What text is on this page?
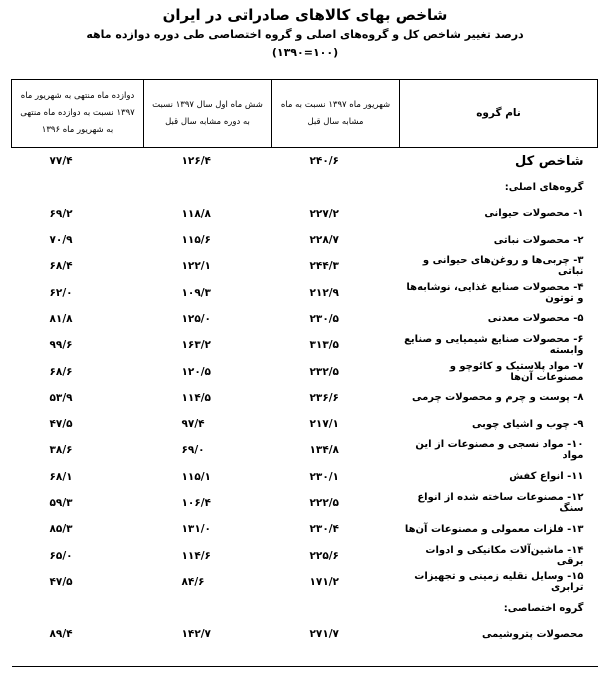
شاخص بهای کالاهای صادراتی در ایران
درصد تغییر شاخص کل و گروه‌های اصلی و گروه اختصاصی طی دوره دوازده ماهه
(۱۰۰=۱۳۹۰)
نام گروه	شهریور ماه ۱۳۹۷ نسبت به ماه مشابه سال قبل	شش ماه اول سال ۱۳۹۷ نسبت به دوره مشابه سال قبل	دوازده ماه منتهی به شهریور ماه ۱۳۹۷ نسبت به دوازده ماه منتهی به شهریور ماه ۱۳۹۶
شاخص کل	۲۴۰/۶	۱۲۶/۴	۷۷/۴
گروه‌های اصلی:			
۱- محصولات حیوانی	۲۲۷/۲	۱۱۸/۸	۶۹/۲
۲- محصولات نباتی	۲۲۸/۷	۱۱۵/۶	۷۰/۹
۳- چربی‌ها و روغن‌های حیوانی و نباتی	۲۴۴/۳	۱۲۲/۱	۶۸/۴
۴- محصولات صنایع غذایی، نوشابه‌ها و توتون	۲۱۲/۹	۱۰۹/۳	۶۲/۰
۵- محصولات معدنی	۲۳۰/۵	۱۲۵/۰	۸۱/۸
۶- محصولات صنایع شیمیایی و صنایع وابسته	۳۱۳/۵	۱۶۳/۲	۹۹/۶
۷- مواد پلاستیک و کائوچو و مصنوعات آن‌ها	۲۳۲/۵	۱۲۰/۵	۶۸/۶
۸- پوست و چرم و محصولات چرمی	۲۳۶/۶	۱۱۴/۵	۵۳/۹
۹- چوب و اشیای چوبی	۲۱۷/۱	۹۷/۴	۴۷/۵
۱۰- مواد نسجی و مصنوعات از این مواد	۱۳۴/۸	۶۹/۰	۳۸/۶
۱۱- انواع کفش	۲۳۰/۱	۱۱۵/۱	۶۸/۱
۱۲- مصنوعات ساخته شده از انواع سنگ	۲۲۲/۵	۱۰۶/۴	۵۹/۳
۱۳- فلزات معمولی و مصنوعات آن‌ها	۲۳۰/۴	۱۳۱/۰	۸۵/۳
۱۴- ماشین‌آلات مکانیکی و ادوات برقی	۲۲۵/۶	۱۱۴/۶	۶۵/۰
۱۵- وسایل نقلیه زمینی و تجهیزات ترابری	۱۷۱/۲	۸۴/۶	۴۷/۵
گروه اختصاصی:			
محصولات پتروشیمی	۲۷۱/۷	۱۴۲/۷	۸۹/۴
